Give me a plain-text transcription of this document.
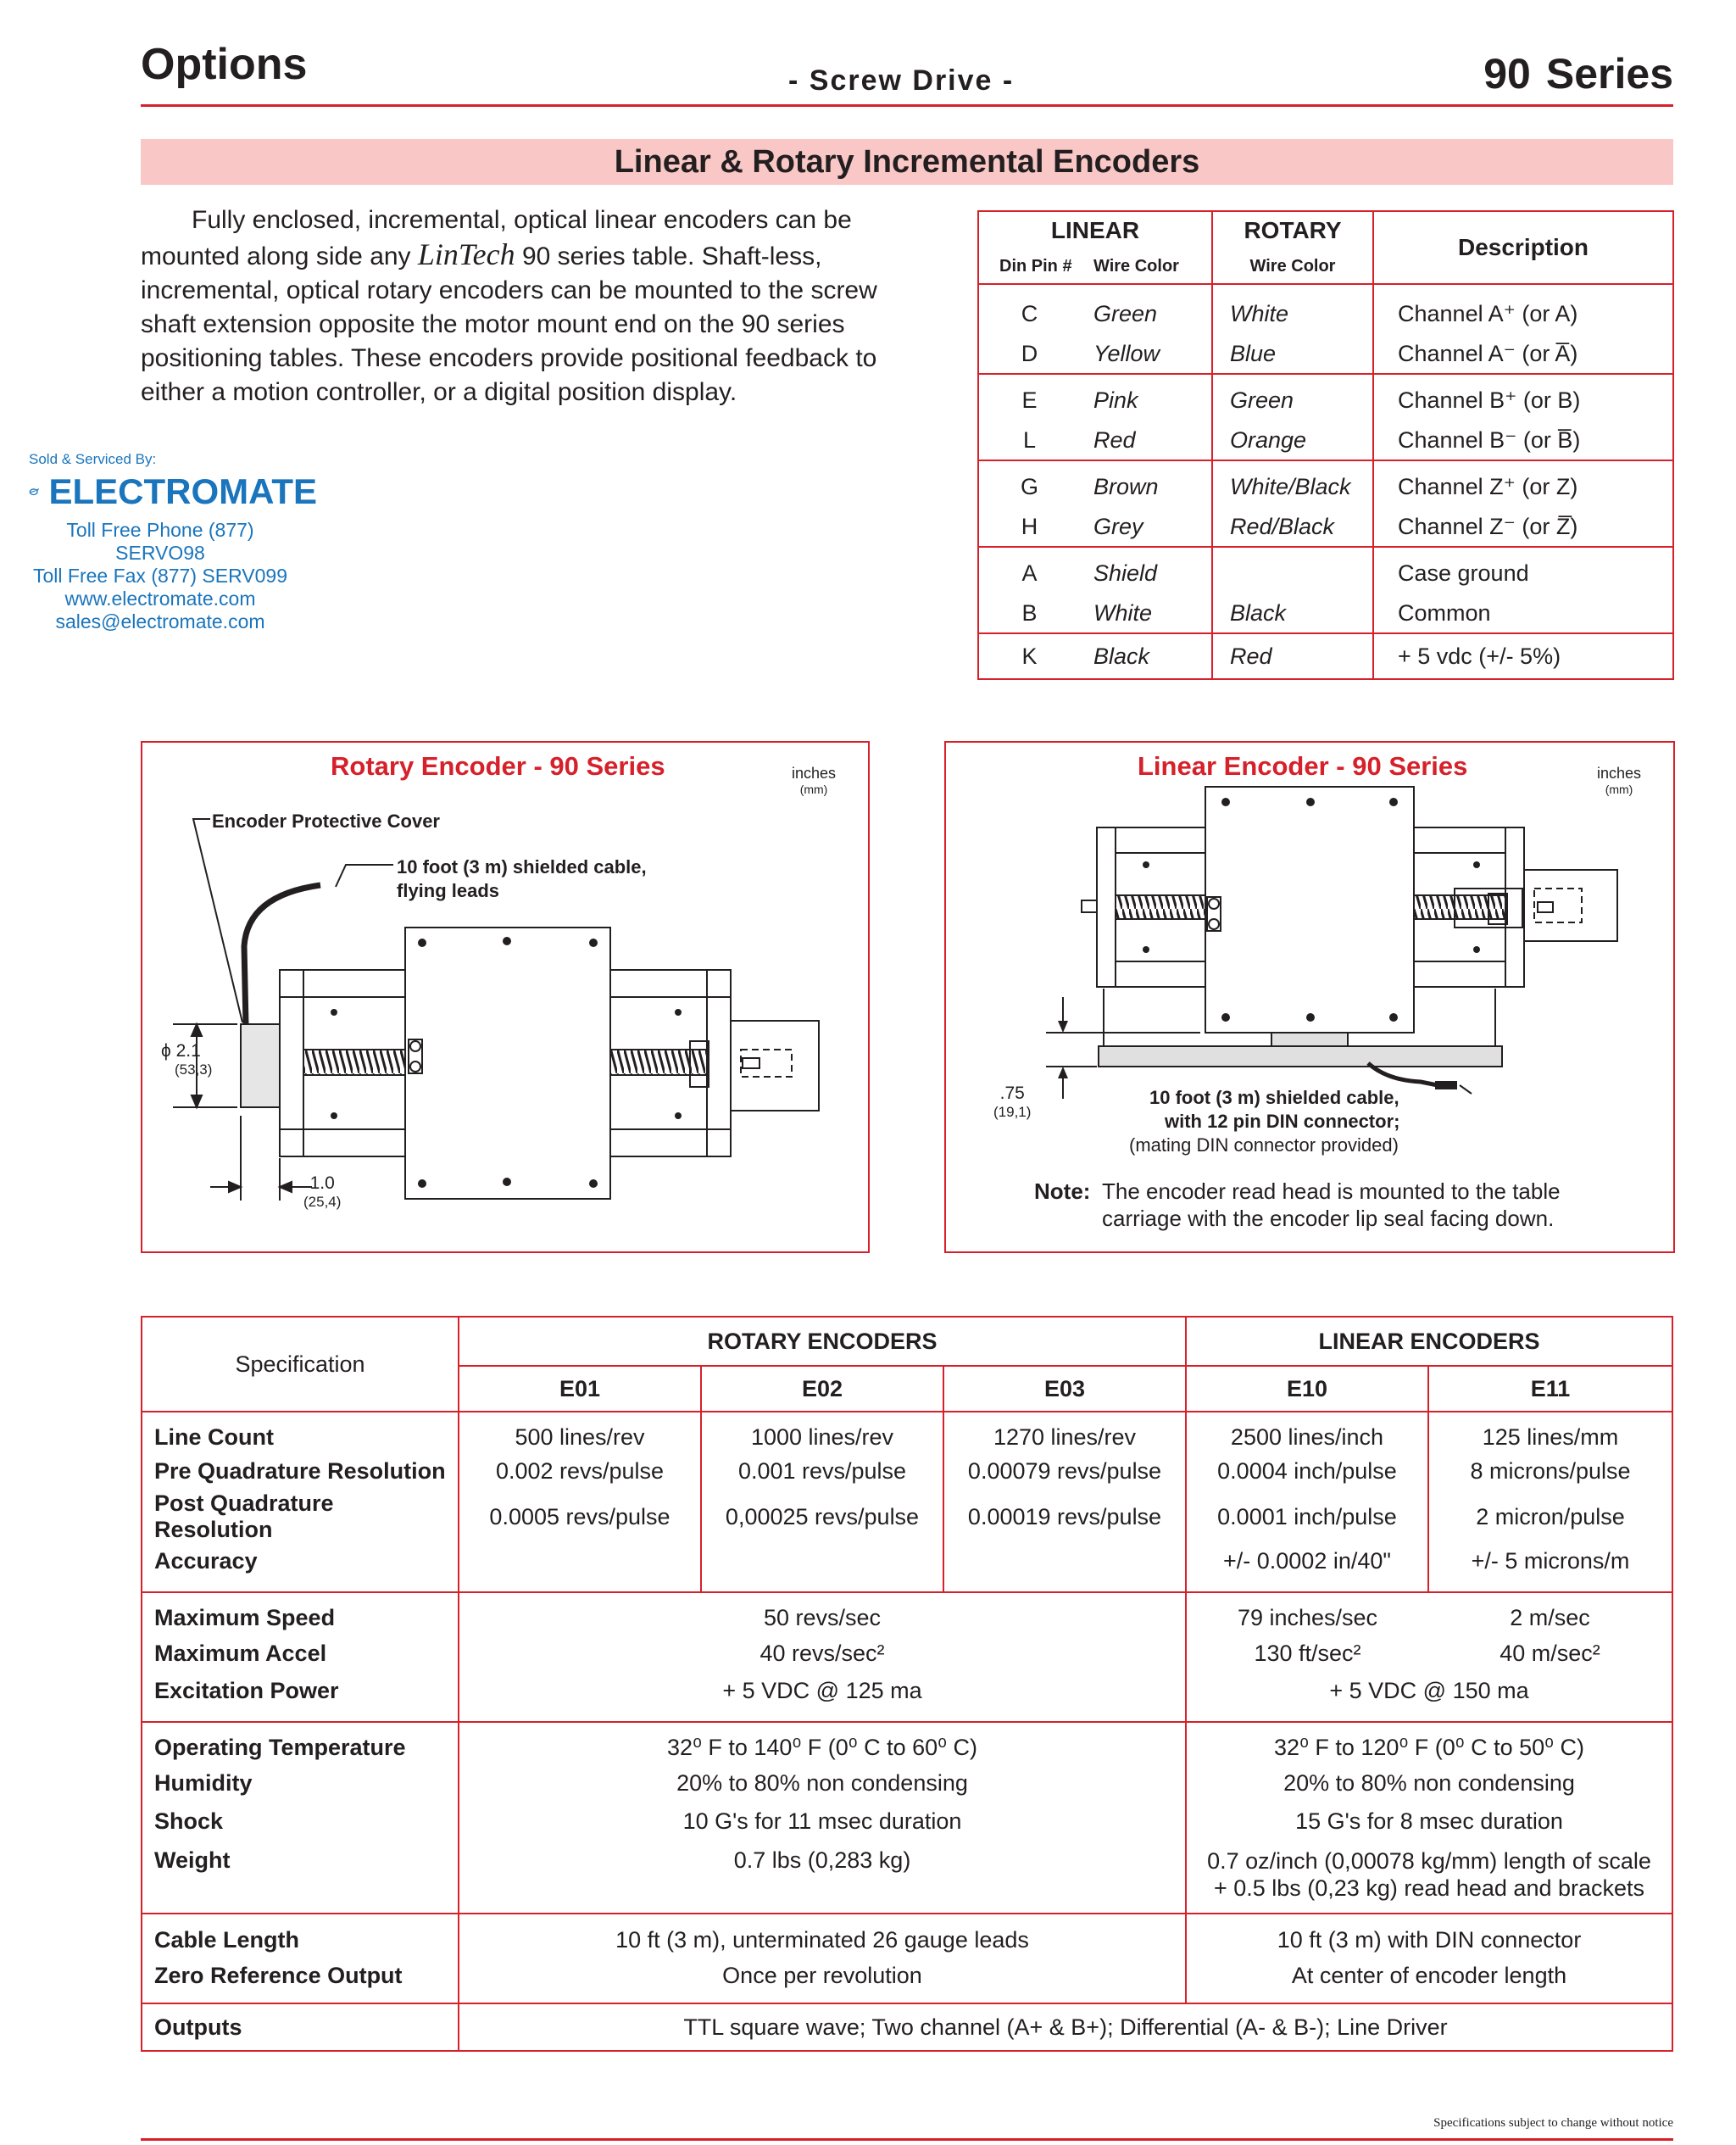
Options	- Screw Drive -	90 Series
Linear & Rotary Incremental Encoders

Fully enclosed, incremental, optical linear encoders can be mounted along side any LinTech 90 series table. Shaft-less, incremental, optical rotary encoders can be mounted to the screw shaft extension opposite the motor mount end on the 90 series positioning tables. These encoders provide positional feedback to either a motion controller, or a digital position display.

Sold & Serviced By:
ELECTROMATE
Toll Free Phone (877) SERVO98
Toll Free Fax (877) SERV099
www.electromate.com
sales@electromate.com
LINEAR		ROTARY	Description
Din Pin #	Wire Color	Wire Color	
C	Green	White	Channel A⁺ (or A)
D	Yellow	Blue	Channel A⁻ (or A̅)
E	Pink	Green	Channel B⁺ (or B)
L	Red	Orange	Channel B⁻ (or B̅)
G	Brown	White/Black	Channel Z⁺ (or Z)
H	Grey	Red/Black	Channel Z⁻ (or Z̅)
A	Shield		Case ground
B	White	Black	Common
K	Black	Red	+ 5 vdc (+/- 5%)
Rotary Encoder - 90 Series	inches
(mm)
Encoder Protective Cover
10 foot (3 m) shielded cable,
flying leads
ϕ 2.1
(53,3)
1.0
(25,4)
Linear Encoder - 90 Series	inches
(mm)
.75
(19,1)
10 foot (3 m) shielded cable,
with 12 pin DIN connector;
(mating DIN connector provided)
Note: The encoder read head is mounted to the table
carriage with the encoder lip seal facing down.
Specification	ROTARY ENCODERS			LINEAR ENCODERS	
	E01	E02	E03	E10	E11
Line Count	500 lines/rev	1000 lines/rev	1270 lines/rev	2500 lines/inch	125 lines/mm
Pre Quadrature Resolution	0.002 revs/pulse	0.001 revs/pulse	0.00079 revs/pulse	0.0004 inch/pulse	8 microns/pulse
Post Quadrature Resolution	0.0005 revs/pulse	0,00025 revs/pulse	0.00019 revs/pulse	0.0001 inch/pulse	2 micron/pulse
Accuracy				+/- 0.0002 in/40"	+/- 5 microns/m
Maximum Speed	50 revs/sec			79 inches/sec	2 m/sec
Maximum Accel	40 revs/sec²			130 ft/sec²	40 m/sec²
Excitation Power	+ 5 VDC @ 125 ma			+ 5 VDC @ 150 ma	
Operating Temperature	32⁰ F to 140⁰ F (0⁰ C to 60⁰ C)			32⁰ F to 120⁰ F (0⁰ C to 50⁰ C)	
Humidity	20% to 80% non condensing			20% to 80% non condensing	
Shock	10 G's for 11 msec duration			15 G's for 8 msec duration	
Weight	0.7 lbs (0,283 kg)			0.7 oz/inch (0,00078 kg/mm) length of scale
+ 0.5 lbs (0,23 kg) read head and brackets	

Cable Length	10 ft (3 m), unterminated 26 gauge leads			10 ft (3 m) with DIN connector	
Zero Reference Output	Once per revolution			At center of encoder length	
Outputs	TTL square wave; Two channel (A+ & B+); Differential (A- & B-); Line Driver				
Specifications subject to change without notice
